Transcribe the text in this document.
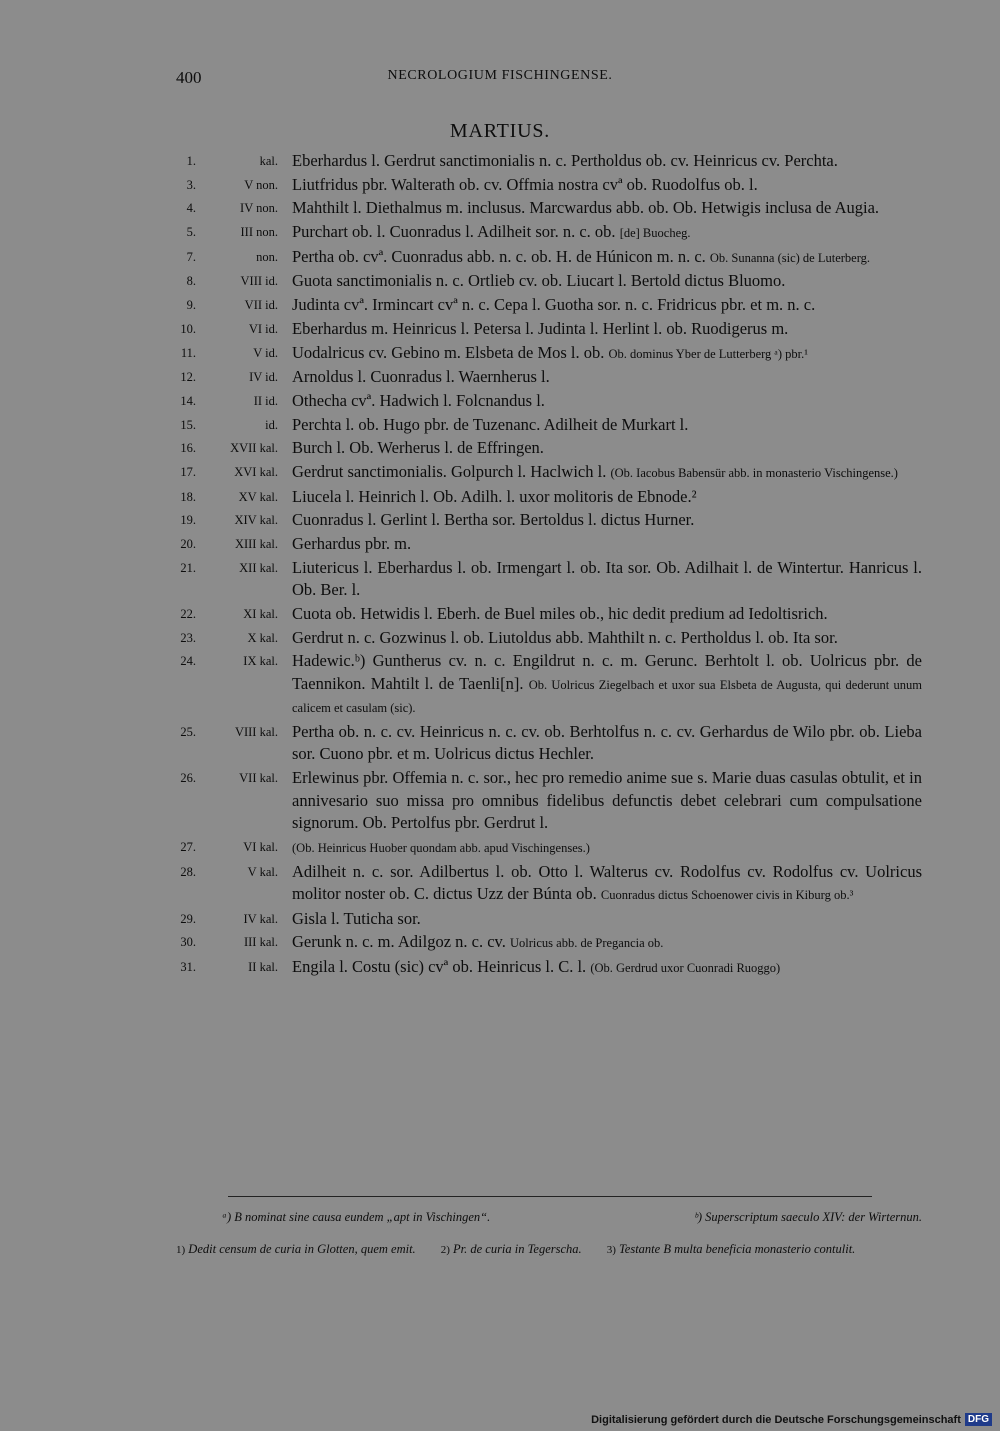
400	NECROLOGIUM FISCHINGENSE.
MARTIUS.
1.	kal. Eberhardus l. Gerdrut sanctimonialis n. c. Pertholdus ob. cv. Heinricus cv. Perchta.
3.	V non. Liutfridus pbr. Walterath ob. cv. Offmia nostra cvª ob. Ruodolfus ob. l.
4.	IV non. Mahthilt l. Diethalmus m. inclusus. Marcwardus abb. ob. Ob. Hetwigis inclusa de Augia.
5.	III non. Purchart ob. l. Cuonradus l. Adilheit sor. n. c. ob. [de] Buocheg.
7.	non. Pertha ob. cvª. Cuonradus abb. n. c. ob. H. de Húnicon m. n. c. Ob. Sunanna (sic) de Luterberg.
8.	VIII id. Guota sanctimonialis n. c. Ortlieb cv. ob. Liucart l. Bertold dictus Bluomo.
9.	VII id. Judinta cvª. Irmincart cvª n. c. Cepa l. Guotha sor. n. c. Fridricus pbr. et m. n. c.
10.	VI id. Eberhardus m. Heinricus l. Petersa l. Judinta l. Herlint l. ob. Ruodigerus m.
11.	V id. Uodalricus cv. Gebino m. Elsbeta de Mos l. ob. Ob. dominus Yber de Lutterberg ᵃ) pbr.¹
12.	IV id. Arnoldus l. Cuonradus l. Waernherus l.
14.	II id. Othecha cvª. Hadwich l. Folcnandus l.
15.	id. Perchta l. ob. Hugo pbr. de Tuzenanc. Adilheit de Murkart l.
16.	XVII kal. Burch l. Ob. Werherus l. de Effringen.
17.	XVI kal. Gerdrut sanctimonialis. Golpurch l. Haclwich l. (Ob. Iacobus Babensür abb. in monasterio Vischingense.)
18.	XV kal. Liucela l. Heinrich l. Ob. Adilh. l. uxor molitoris de Ebnode.²
19.	XIV kal. Cuonradus l. Gerlint l. Bertha sor. Bertoldus l. dictus Hurner.
20.	XIII kal. Gerhardus pbr. m.
21.	XII kal. Liutericus l. Eberhardus l. ob. Irmengart l. ob. Ita sor. Ob. Adilhait l. de Wintertur. Hanricus l. Ob. Ber. l.
22.	XI kal. Cuota ob. Hetwidis l. Eberh. de Buel miles ob., hic dedit predium ad Iedoltisrich.
23.	X kal. Gerdrut n. c. Gozwinus l. ob. Liutoldus abb. Mahthilt n. c. Pertholdus l. ob. Ita sor.
24.	IX kal. Hadewic.ᵇ) Guntherus cv. n. c. Engildrut n. c. m. Gerunc. Berhtolt l. ob. Uolricus pbr. de Taennikon. Mahtilt l. de Taenli[n]. Ob. Uolricus Ziegelbach et uxor sua Elsbeta de Augusta, qui dederunt unum calicem et casulam (sic).
25.	VIII kal. Pertha ob. n. c. cv. Heinricus n. c. cv. ob. Berhtolfus n. c. cv. Gerhardus de Wilo pbr. ob. Lieba sor. Cuono pbr. et m. Uolricus dictus Hechler.
26.	VII kal. Erlewinus pbr. Offemia n. c. sor., hec pro remedio anime sue s. Marie duas casulas obtulit, et in annivesario suo missa pro omnibus fidelibus defunctis debet celebrari cum compulsatione signorum. Ob. Pertolfus pbr. Gerdrut l.
27.	VI kal.	(Ob. Heinricus Huober quondam abb. apud Vischingenses.)
28.	V kal. Adilheit n. c. sor. Adilbertus l. ob. Otto l. Walterus cv. Rodolfus cv. Rodolfus cv. Uolricus molitor noster ob. C. dictus Uzz der Búnta ob. Cuonradus dictus Schoenower civis in Kiburg ob.³
29.	IV kal. Gisla l. Tuticha sor.
30.	III kal. Gerunk n. c. m. Adilgoz n. c. cv. Uolricus abb. de Pregancia ob.
31.	II kal. Engila l. Costu (sic) cvª ob. Heinricus l. C. l. (Ob. Gerdrud uxor Cuonradi Ruoggo)
ᵃ) B nominat sine causa eundem „apt in Vischingen“.	ᵇ) Superscriptum saeculo XIV: der Wirternun.
1) Dedit censum de curia in Glotten, quem emit. 2) Pr. de curia in Tegerscha. 3) Testante B multa beneficia monasterio contulit.
Digitalisierung gefördert durch die Deutsche Forschungsgemeinschaft DFG
